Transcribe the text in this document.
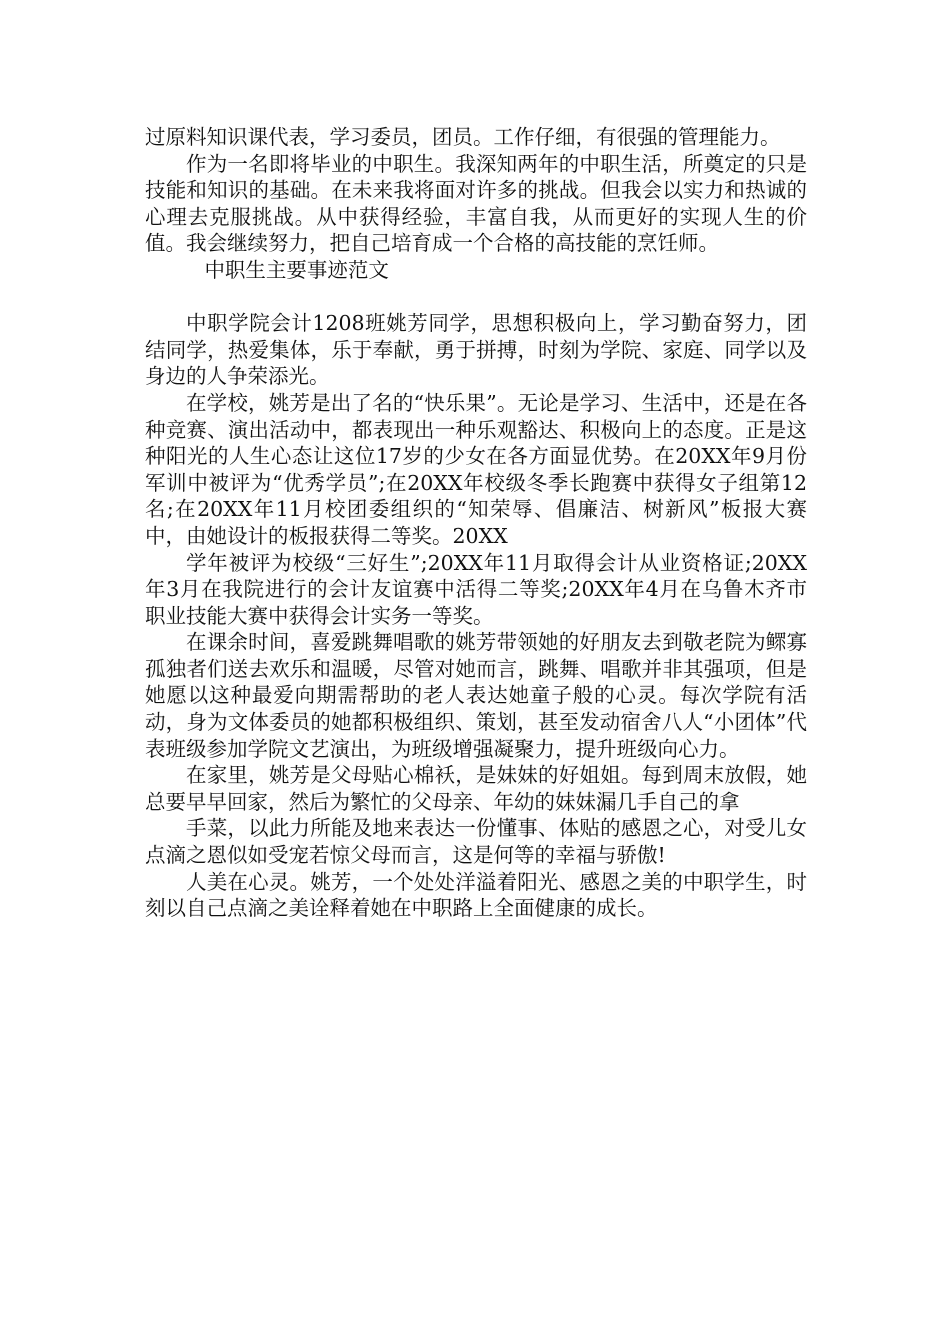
过原料知识课代表，学习委员，团员。工作仔细，有很强的管理能力。

作为一名即将毕业的中职生。我深知两年的中职生活，所奠定的只是技能和知识的基础。在未来我将面对许多的挑战。但我会以实力和热诚的心理去克服挑战。从中获得经验，丰富自我，从而更好的实现人生的价值。我会继续努力，把自己培育成一个合格的高技能的烹饪师。

中职生主要事迹范文

中职学院会计1208班姚芳同学，思想积极向上，学习勤奋努力，团结同学，热爱集体，乐于奉献，勇于拼搏，时刻为学院、家庭、同学以及身边的人争荣添光。

在学校，姚芳是出了名的“快乐果”。无论是学习、生活中，还是在各种竞赛、演出活动中，都表现出一种乐观豁达、积极向上的态度。正是这种阳光的人生心态让这位17岁的少女在各方面显优势。在20XX年9月份军训中被评为“优秀学员”;在20XX年校级冬季长跑赛中获得女子组第12名;在20XX年11月校团委组织的“知荣辱、倡廉洁、树新风”板报大赛中，由她设计的板报获得二等奖。20XX

学年被评为校级“三好生”;20XX年11月取得会计从业资格证;20XX年3月在我院进行的会计友谊赛中活得二等奖;20XX年4月在乌鲁木齐市职业技能大赛中获得会计实务一等奖。

在课余时间，喜爱跳舞唱歌的姚芳带领她的好朋友去到敬老院为鳏寡孤独者们送去欢乐和温暖，尽管对她而言，跳舞、唱歌并非其强项，但是她愿以这种最爱向期需帮助的老人表达她童子般的心灵。每次学院有活动，身为文体委员的她都积极组织、策划，甚至发动宿舍八人“小团体”代表班级参加学院文艺演出，为班级增强凝聚力，提升班级向心力。

在家里，姚芳是父母贴心棉袄，是妹妹的好姐姐。每到周末放假，她总要早早回家，然后为繁忙的父母亲、年幼的妹妹漏几手自己的拿

手菜，以此力所能及地来表达一份懂事、体贴的感恩之心，对受儿女点滴之恩似如受宠若惊父母而言，这是何等的幸福与骄傲!

人美在心灵。姚芳，一个处处洋溢着阳光、感恩之美的中职学生，时刻以自己点滴之美诠释着她在中职路上全面健康的成长。
